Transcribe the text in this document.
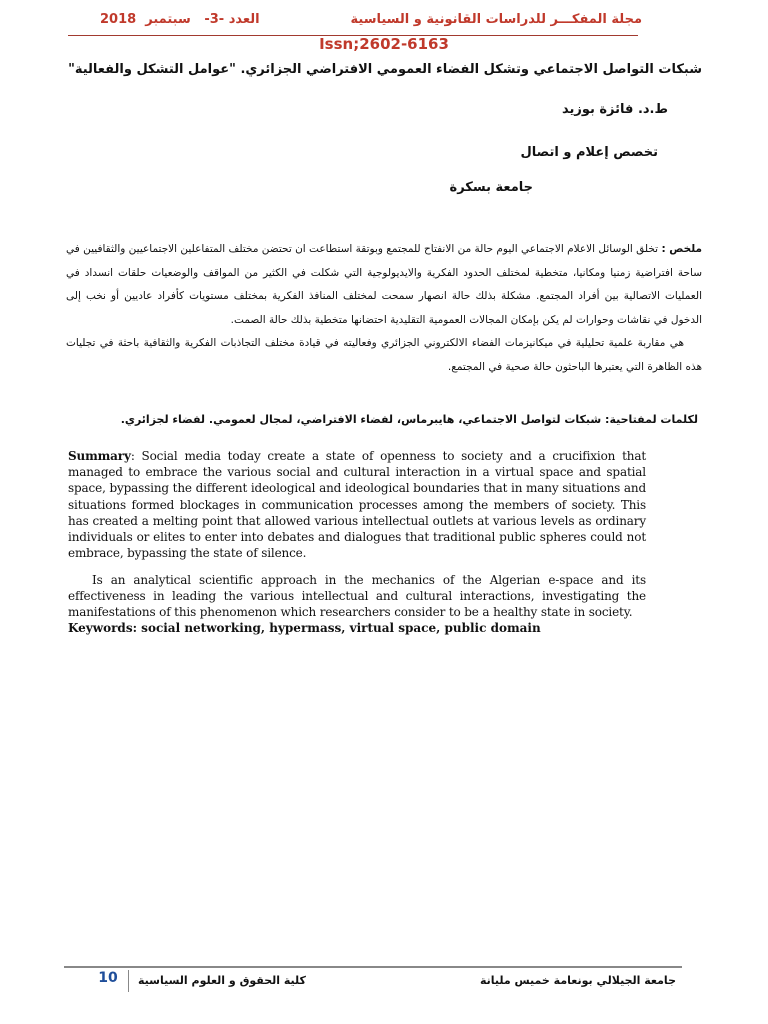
مجلة المفكـــر للدراسات القانونية و السياسية
العدد -3-   سبتمبر  2018
Issn;2602-6163
شبكات التواصل الاجتماعي وتشكل الفضاء العمومي الافتراضي الجزائري. "عوامل التشكل والفعالية"
ط.د. فائزة بوزيد
تخصص إعلام و اتصال
جامعة بسكرة
ملخص : تخلق الوسائل الاعلام الاجتماعي اليوم حالة من الانفتاح للمجتمع وبوتقة استطاعت ان تحتضن مختلف المتفاعلين الاجتماعيين والثقافيين في ساحة افتراضية زمنيا ومكانيا، متخطية لمختلف الحدود الفكرية والايديولوجية التي شكلت في الكثير من المواقف والوضعيات حلقات انسداد في العمليات الاتصالية بين أفراد المجتمع. مشكلة بذلك حالة انصهار سمحت لمختلف المنافذ الفكرية بمختلف مستويات كأفراد عاديين أو نخب إلى الدخول في نقاشات وحوارات لم يكن بإمكان المجالات العمومية التقليدية احتضانها متخطية بذلك حالة الصمت.
هي مقاربة علمية تحليلية في ميكانيزمات الفضاء الالكتروني الجزائري وفعاليته في قيادة مختلف التجاذبات الفكرية والثقافية باحثة في تجليات هذه الظاهرة التي يعتبرها الباحثون حالة صحية في المجتمع.
لكلمات لمفتاحية: شبكات لتواصل الاجتماعي، هايبرماس، لفضاء الافتراضي، لمجال لعمومي. لفضاء لجزائري.
Summary: Social media today create a state of openness to society and a crucifixion that managed to embrace the various social and cultural interaction in a virtual space and spatial space, bypassing the different ideological and ideological boundaries that in many situations and situations formed blockages in communication processes among the members of society. This has created a melting point that allowed various intellectual outlets at various levels as ordinary individuals or elites to enter into debates and dialogues that traditional public spheres could not embrace, bypassing the state of silence.
Is an analytical scientific approach in the mechanics of the Algerian e-space and its effectiveness in leading the various intellectual and cultural interactions, investigating the manifestations of this phenomenon which researchers consider to be a healthy state in society.
Keywords: social networking, hypermass, virtual space, public domain
10	كلية الحقوق و العلوم السياسية	جامعة الجيلالي بونعامة خميس مليانة
